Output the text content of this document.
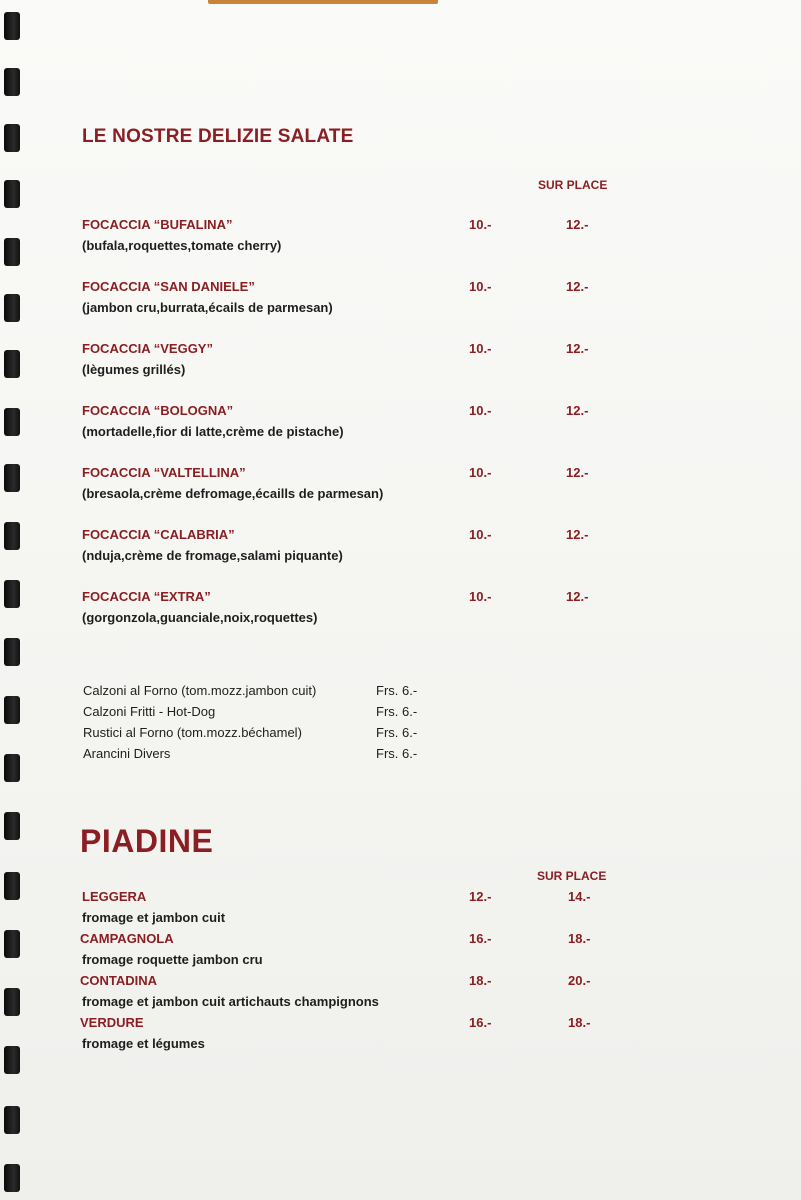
LE NOSTRE DELIZIE SALATE
SUR PLACE
FOCACCIA “BUFALINA”	10.-	12.-
(bufala,roquettes,tomate cherry)
FOCACCIA “SAN DANIELE”	10.-	12.-
(jambon cru,burrata,écails de parmesan)
FOCACCIA “VEGGY”	10.-	12.-
(lègumes grillés)
FOCACCIA “BOLOGNA”	10.-	12.-
(mortadelle,fior di latte,crème de pistache)
FOCACCIA “VALTELLINA”	10.-	12.-
(bresaola,crème defromage,écaills de parmesan)
FOCACCIA “CALABRIA”	10.-	12.-
(nduja,crème de fromage,salami piquante)
FOCACCIA “EXTRA”	10.-	12.-
(gorgonzola,guanciale,noix,roquettes)
Calzoni al Forno (tom.mozz.jambon cuit)	Frs. 6.-
Calzoni Fritti - Hot-Dog	Frs. 6.-
Rustici al Forno (tom.mozz.béchamel)	Frs. 6.-
Arancini Divers	Frs. 6.-
PIADINE
SUR PLACE
LEGGERA	12.-	14.-
fromage et jambon cuit
CAMPAGNOLA	16.-	18.-
fromage roquette jambon cru
CONTADINA	18.-	20.-
fromage et jambon cuit artichauts champignons
VERDURE	16.-	18.-
fromage et légumes
